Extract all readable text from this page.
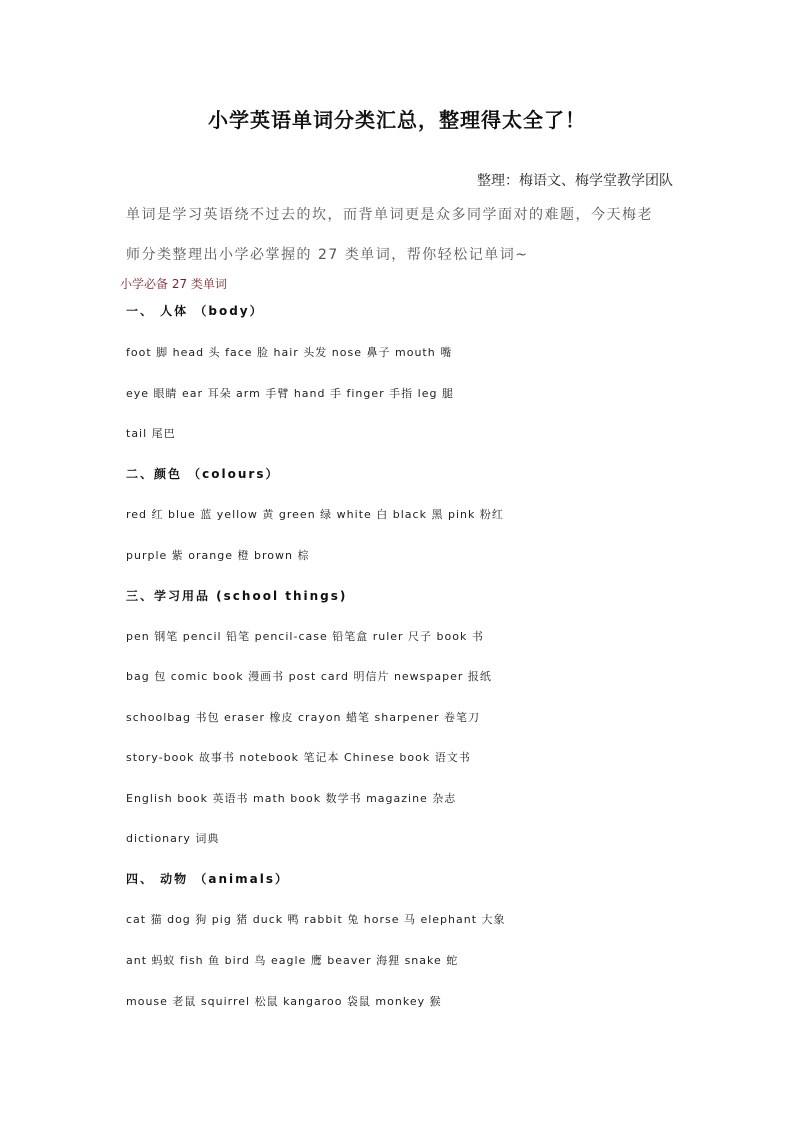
小学英语单词分类汇总，整理得太全了！
整理：梅语文、梅学堂教学团队
单词是学习英语绕不过去的坎，而背单词更是众多同学面对的难题，今天梅老
师分类整理出小学必掌握的 27 类单词，帮你轻松记单词~
小学必备 27 类单词
一、 人体 （body）
foot 脚 head 头 face 脸 hair 头发 nose 鼻子 mouth 嘴
eye 眼睛 ear 耳朵 arm 手臂 hand 手 finger 手指 leg 腿
tail 尾巴
二、颜色 （colours）
red 红 blue 蓝 yellow 黄 green 绿 white 白 black 黑 pink 粉红
purple 紫 orange 橙 brown 棕
三、学习用品 (school things)
pen 钢笔 pencil 铅笔 pencil-case 铅笔盒 ruler 尺子 book 书
bag 包 comic book 漫画书 post card 明信片 newspaper 报纸
schoolbag 书包 eraser 橡皮 crayon 蜡笔 sharpener 卷笔刀
story-book 故事书 notebook 笔记本 Chinese book 语文书
English book 英语书 math book 数学书 magazine 杂志
dictionary 词典
四、 动物 （animals）
cat 猫 dog 狗 pig 猪 duck 鸭 rabbit 兔 horse 马 elephant 大象
ant 蚂蚁 fish 鱼 bird 鸟 eagle 鹰 beaver 海狸 snake 蛇
mouse 老鼠 squirrel 松鼠 kangaroo 袋鼠 monkey 猴
